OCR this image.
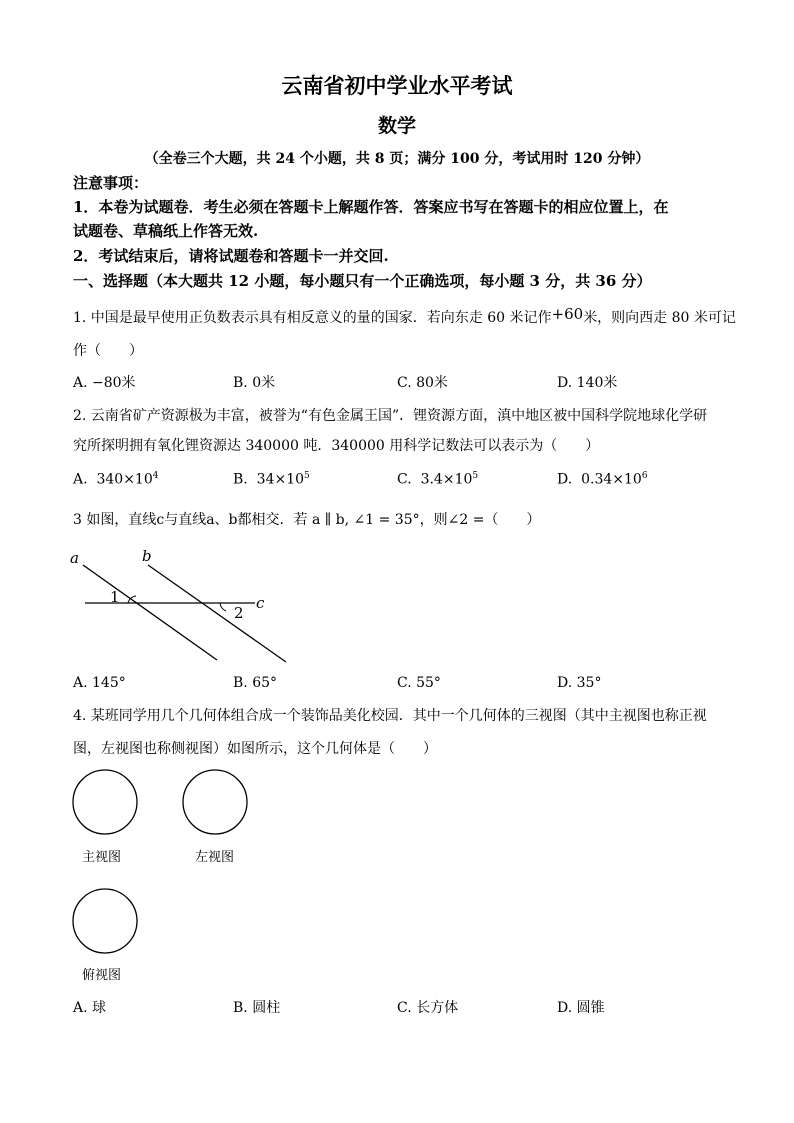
云南省初中学业水平考试
数学
（全卷三个大题，共 24 个小题，共 8 页；满分 100 分，考试用时 120 分钟）
注意事项：
1．本卷为试题卷．考生必须在答题卡上解题作答．答案应书写在答题卡的相应位置上，在
试题卷、草稿纸上作答无效.
2．考试结束后，请将试题卷和答题卡一并交回.
一、选择题（本大题共 12 小题，每小题只有一个正确选项，每小题 3 分，共 36 分）
1. 中国是最早使用正负数表示具有相反意义的量的国家．若向东走 60 米记作+60米，则向西走 80 米可记
作（　　）
A. −80米	B. 0米	C. 80米	D. 140米
2. 云南省矿产资源极为丰富，被誉为“有色金属王国”．锂资源方面，滇中地区被中国科学院地球化学研
究所探明拥有氧化锂资源达 340000 吨．340000 用科学记数法可以表示为（　　）
A. $340\times 10^4$	B. $34\times 10^5$	C. $3.4\times 10^5$	D. $0.34\times 10^6$
3 如图，直线c与直线a、b都相交．若 a ∥ b, ∠1 = 35°，则∠2 =（　　）
a	b
c
1
2
A. 145°	B. 65°	C. 55°	D. 35°
4. 某班同学用几个几何体组合成一个装饰品美化校园．其中一个几何体的三视图（其中主视图也称正视
图，左视图也称侧视图）如图所示，这个几何体是（　　）
主视图	左视图
俯视图
A. 球	B. 圆柱	C. 长方体	D. 圆锥
